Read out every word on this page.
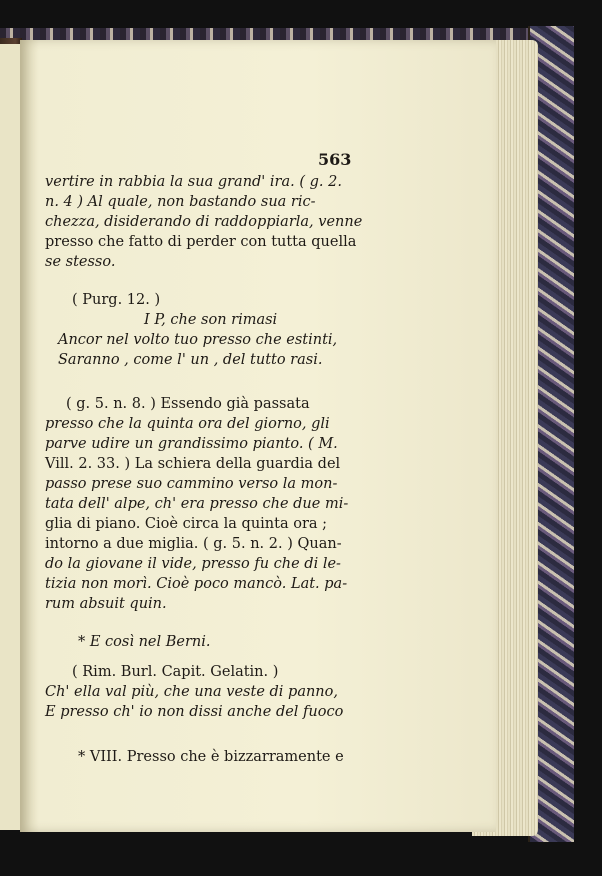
563

vertire in rabbia la sua grand' ira. ( g. 2.

n. 4 ) Al quale, non bastando sua ric-

chezza, disiderando di raddoppiarla, venne

presso che fatto di perder con tutta quella

se stesso.

( Purg. 12. )

I P, che son rimasi

Ancor nel volto tuo presso che estinti,

Saranno , come l' un , del tutto rasi.

( g. 5. n. 8. ) Essendo già passata

presso che la quinta ora del giorno, gli

parve udire un grandissimo pianto. ( M.

Vill. 2. 33. ) La schiera della guardia del

passo prese suo cammino verso la mon-

tata dell' alpe, ch' era presso che due mi-

glia di piano. Cioè circa la quinta ora ;

intorno a due miglia. ( g. 5. n. 2. ) Quan-

do la giovane il vide, presso fu che di le-

tizia non morì. Cioè poco mancò. Lat. pa-

rum absuit quin.

* E così nel Berni.

( Rim. Burl. Capit. Gelatin. )

Ch' ella val più, che una veste di panno,

E presso ch' io non dissi anche del fuoco

* VIII. Presso che è bizzarramente e
